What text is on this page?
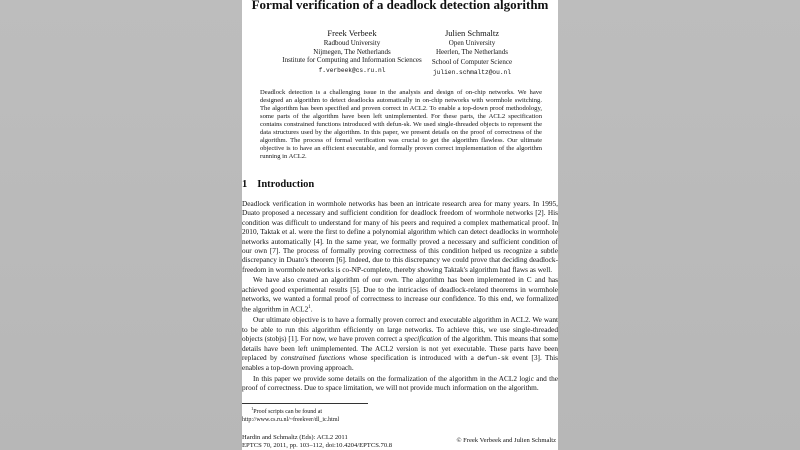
Formal verification of a deadlock detection algorithm
Freek Verbeek
Radboud University
Nijmegen, The Netherlands
Institute for Computing and Information Sciences
f.verbeek@cs.ru.nl
Julien Schmaltz
Open University
Heerlen, The Netherlands
School of Computer Science
julien.schmaltz@ou.nl
Deadlock detection is a challenging issue in the analysis and design of on-chip networks. We have designed an algorithm to detect deadlocks automatically in on-chip networks with wormhole switching. The algorithm has been specified and proven correct in ACL2. To enable a top-down proof methodology, some parts of the algorithm have been left unimplemented. For these parts, the ACL2 specification contains constrained functions introduced with defun-sk. We used single-threaded objects to represent the data structures used by the algorithm. In this paper, we present details on the proof of correctness of the algorithm. The process of formal verification was crucial to get the algorithm flawless. Our ultimate objective is to have an efficient executable, and formally proven correct implementation of the algorithm running in ACL2.
1 Introduction

Deadlock verification in wormhole networks has been an intricate research area for many years. In 1995, Duato proposed a necessary and sufficient condition for deadlock freedom of wormhole networks [2]. His condition was difficult to understand for many of his peers and required a complex mathematical proof. In 2010, Taktak et al. were the first to define a polynomial algorithm which can detect deadlocks in wormhole networks automatically [4]. In the same year, we formally proved a necessary and sufficient condition of our own [7]. The process of formally proving correctness of this condition helped us recognize a subtle discrepancy in Duato's theorem [6]. Indeed, due to this discrepancy we could prove that deciding deadlock-freedom in wormhole networks is co-NP-complete, thereby showing Taktak's algorithm had flaws as well.

We have also created an algorithm of our own. The algorithm has been implemented in C and has achieved good experimental results [5]. Due to the intricacies of deadlock-related theorems in wormhole networks, we wanted a formal proof of correctness to increase our confidence. To this end, we formalized the algorithm in $ACL2^1$.

Our ultimate objective is to have a formally proven correct and executable algorithm in ACL2. We want to be able to run this algorithm efficiently on large networks. To achieve this, we use single-threaded objects (stobjs) [1]. For now, we have proven correct a specification of the algorithm. This means that some details have been left unimplemented. The ACL2 version is not yet executable. These parts have been replaced by constrained functions whose specification is introduced with a defun-sk event [3]. This enables a top-down proving approach.

In this paper we provide some details on the formalization of the algorithm in the ACL2 logic and the proof of correctness. Due to space limitation, we will not provide much information on the algorithm.

$^1$Proof scripts can be found at
http://www.cs.ru.nl/~freekver/dl_ic.html
Hardin and Schmaltz (Eds): ACL2 2011
EPTCS 70, 2011, pp. 103–112, doi:10.4204/EPTCS.70.8
© Freek Verbeek and Julien Schmaltz
